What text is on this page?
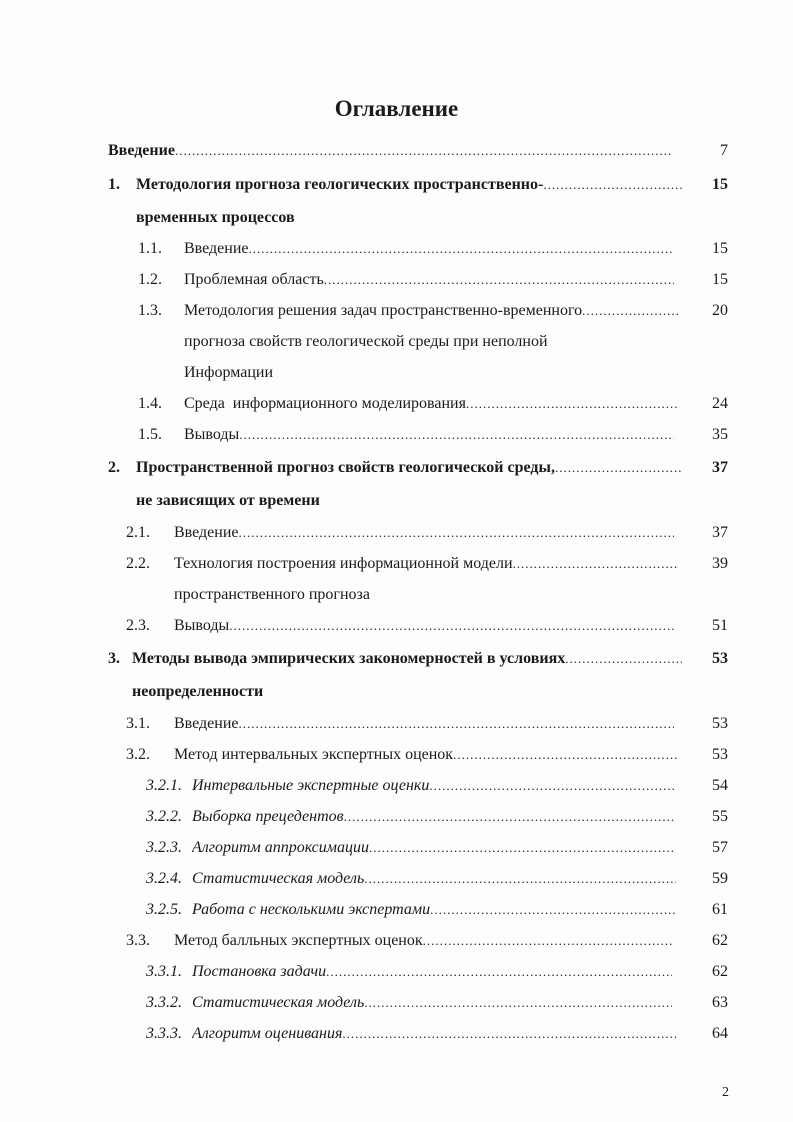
Оглавление
Введение .....	7
1. Методология прогноза геологических пространственно- .....	15
временных процессов
1.1. Введение .....	15
1.2. Проблемная область .....	15
1.3. Методология решения задач пространственно-временного .....	20
прогноза свойств геологической среды при неполной
Информации
1.4. Среда  информационного моделирования .....	24
1.5. Выводы .....	35
2. Пространственной прогноз свойств геологической среды, .....	37
не зависящих от времени
2.1. Введение .....	37
2.2. Технология построения информационной модели .....	39
пространственного прогноза
2.3. Выводы .....	51
3. Методы вывода эмпирических закономерностей в условиях .....	53
неопределенности
3.1. Введение .....	53
3.2. Метод интервальных экспертных оценок .....	53
3.2.1. Интервальные экспертные оценки .....	54
3.2.2. Выборка прецедентов .....	55
3.2.3. Алгоритм аппроксимации .....	57
3.2.4. Статистическая модель .....	59
3.2.5. Работа с несколькими экспертами .....	61
3.3. Метод балльных экспертных оценок .....	62
3.3.1. Постановка задачи .....	62
3.3.2. Статистическая модель .....	63
3.3.3. Алгоритм оценивания .....	64
2
